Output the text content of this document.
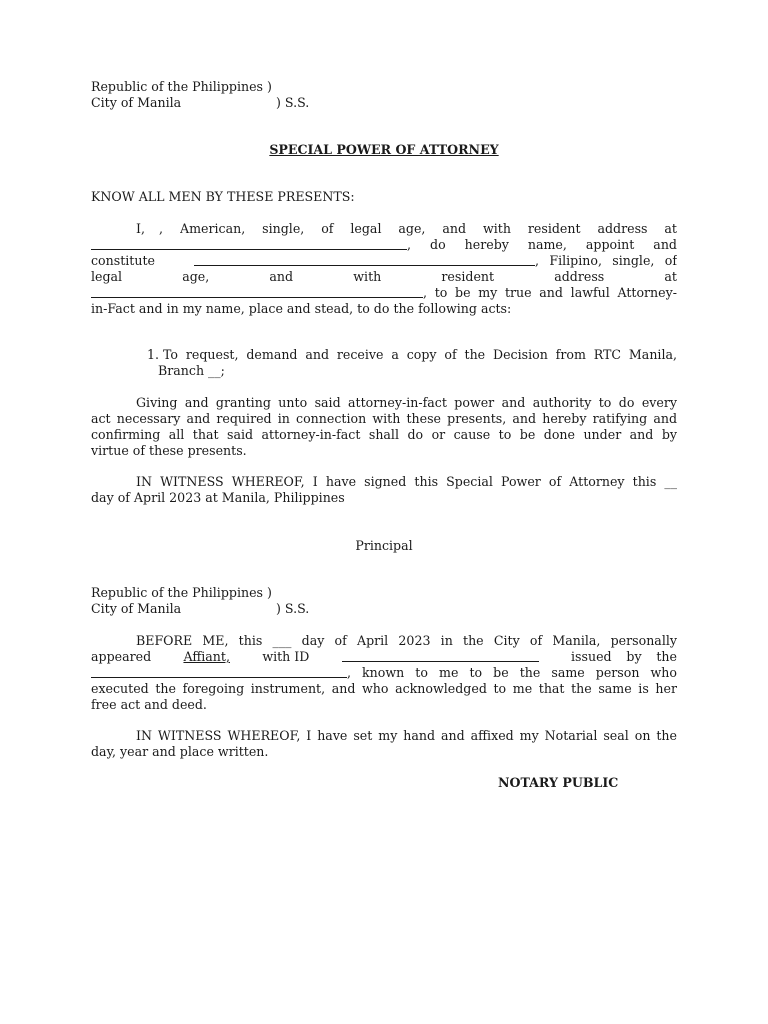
Republic of the Philippines )
City of Manila	) S.S.
SPECIAL POWER OF ATTORNEY
KNOW ALL MEN BY THESE PRESENTS:
I, , American, single, of legal age, and with resident address at
, do hereby name, appoint and
constitute	, Filipino, single, of
legal age, and with resident address at
, to be my true and lawful Attorney-
in-Fact and in my name, place and stead, to do the following acts:
1. To request, demand and receive a copy of the Decision from RTC Manila,
Branch __;
Giving and granting unto said attorney-in-fact power and authority to do every
act necessary and required in connection with these presents, and hereby ratifying and
confirming all that said attorney-in-fact shall do or cause to be done under and by
virtue of these presents.
IN WITNESS WHEREOF, I have signed this Special Power of Attorney this __
day of April 2023 at Manila, Philippines
Principal
Republic of the Philippines )
City of Manila	) S.S.
BEFORE ME, this ___ day of April 2023 in the City of Manila, personally
appeared	Affiant,	with ID	issued by the
, known to me to be the same person who
executed the foregoing instrument, and who acknowledged to me that the same is her
free act and deed.
IN WITNESS WHEREOF, I have set my hand and affixed my Notarial seal on the
day, year and place written.
NOTARY PUBLIC
